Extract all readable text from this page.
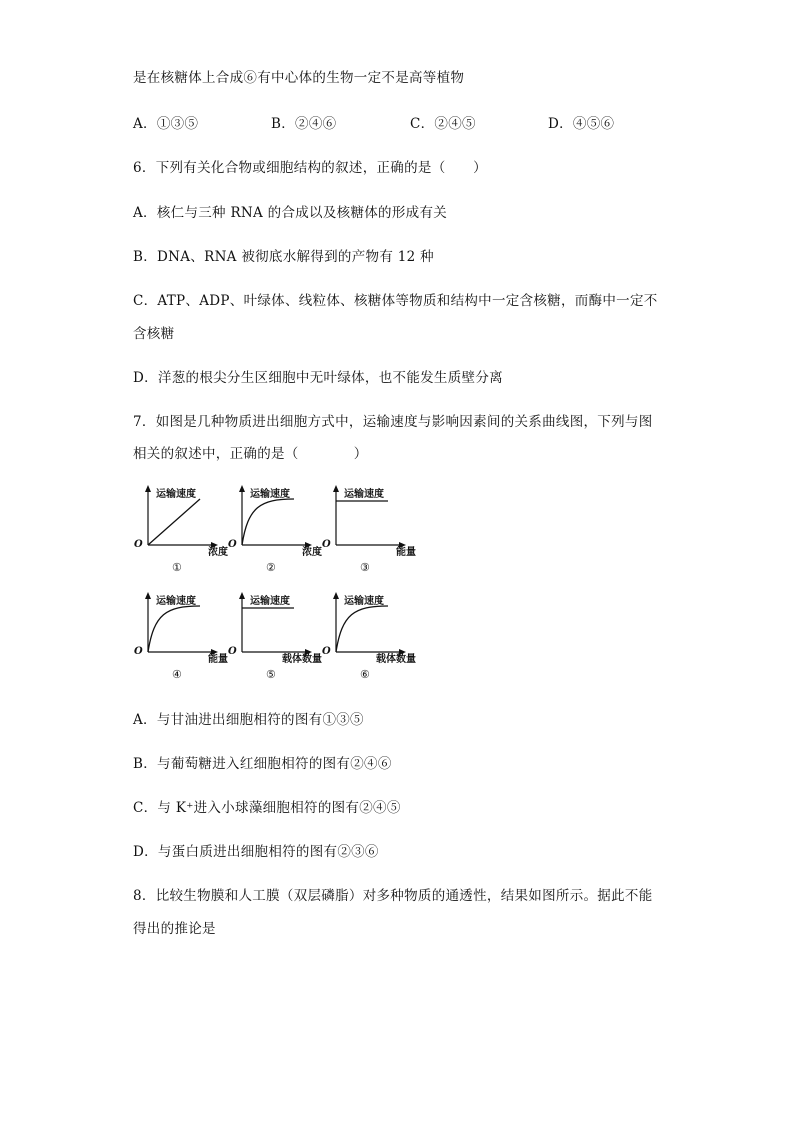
是在核糖体上合成⑥有中心体的生物一定不是高等植物
A．①③⑤	B．②④⑥	C．②④⑤	D．④⑤⑥
6．下列有关化合物或细胞结构的叙述，正确的是（　　）
A．核仁与三种 RNA 的合成以及核糖体的形成有关
B．DNA、RNA 被彻底水解得到的产物有 12 种
C．ATP、ADP、叶绿体、线粒体、核糖体等物质和结构中一定含核糖，而酶中一定不
含核糖
D．洋葱的根尖分生区细胞中无叶绿体，也不能发生质壁分离
7．如图是几种物质进出细胞方式中，运输速度与影响因素间的关系曲线图，下列与图
相关的叙述中，正确的是（　　　　）
运输速度
浓度
O
①
运输速度
浓度
O
②
运输速度
能量
O
③
运输速度
能量
O
④
运输速度
载体数量
O
⑤
运输速度
载体数量
O
⑥
A．与甘油进出细胞相符的图有①③⑤
B．与葡萄糖进入红细胞相符的图有②④⑥
C．与 K⁺进入小球藻细胞相符的图有②④⑤
D．与蛋白质进出细胞相符的图有②③⑥
8．比较生物膜和人工膜（双层磷脂）对多种物质的通透性，结果如图所示。据此不能
得出的推论是
